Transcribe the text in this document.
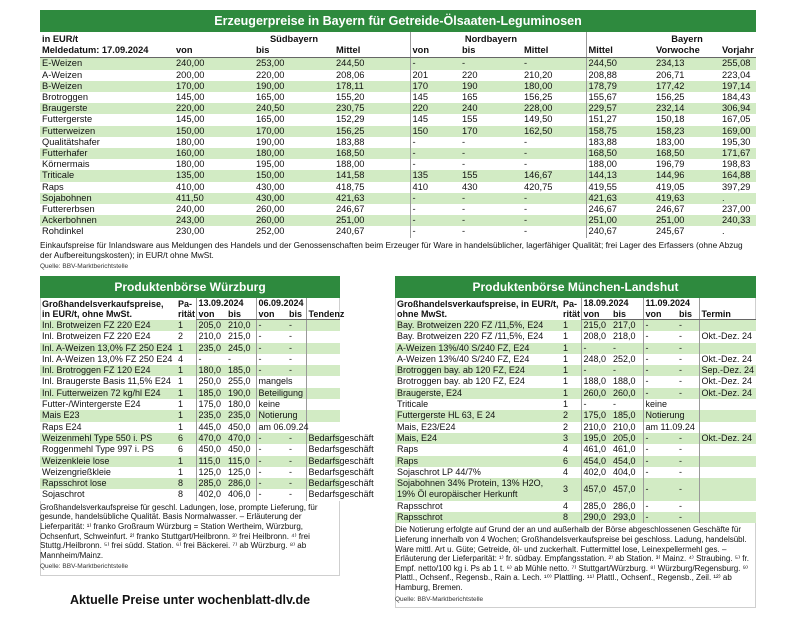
Erzeugerpreise in Bayern für Getreide-Ölsaaten-Leguminosen
in EUR/t		Südbayern			Nordbayern			Bayern	
Meldedatum: 17.09.2024	von	bis	Mittel	von	bis	Mittel	Mittel	Vorwoche	Vorjahr
E-Weizen	240,00	253,00	244,50	-	-	-	244,50	234,13	255,08
A-Weizen	200,00	220,00	208,06	201	220	210,20	208,88	206,71	223,04
B-Weizen	170,00	190,00	178,11	170	190	180,00	178,79	177,42	197,14
Brotroggen	145,00	165,00	155,20	145	165	156,25	155,67	156,25	184,43
Braugerste	220,00	240,50	230,75	220	240	228,00	229,57	232,14	306,94
Futtergerste	145,00	165,00	152,29	145	155	149,50	151,27	150,18	167,05
Futterweizen	150,00	170,00	156,25	150	170	162,50	158,75	158,23	169,00
Qualitätshafer	180,00	190,00	183,88	-	-	-	183,88	183,00	195,30
Futterhafer	160,00	180,00	168,50	-	-	-	168,50	168,50	171,67
Körnermais	180,00	195,00	188,00	-	-	-	188,00	196,79	198,83
Triticale	135,00	150,00	141,58	135	155	146,67	144,13	144,96	164,88
Raps	410,00	430,00	418,75	410	430	420,75	419,55	419,05	397,29
Sojabohnen	411,50	430,00	421,63	-	-	-	421,63	419,63	.
Futtererbsen	240,00	260,00	246,67	-	-	-	246,67	246,67	237,00
Ackerbohnen	243,00	260,00	251,00	-	-	-	251,00	251,00	240,33
Rohdinkel	230,00	252,00	240,67	-	-	-	240,67	245,67	.
Einkaufspreise für Inlandsware aus Meldungen des Handels und der Genossenschaften beim Erzeuger für Ware in handelsüblicher, lagerfähiger Qualität; frei Lager des Erfassers (ohne Abzug der Aufbereitungskosten); in EUR/t ohne MwSt.
Quelle: BBV-Marktberichtstelle
Produktenbörse Würzburg
Großhandelsverkaufspreise, in EUR/t, ohne MwSt.	Pa-rität	13.09.2024		06.09.2024		
		von	bis	von	bis	Tendenz
Inl. Brotweizen FZ 220 E24	1	205,0	210,0	-	-	
Inl. Brotweizen FZ 220 E24	2	210,0	215,0	-	-	
Inl. A-Weizen 13,0% FZ 250 E24	1	235,0	245,0	-	-	
Inl. A-Weizen 13,0% FZ 250 E24	4	-	-	-	-	
Inl. Brotroggen FZ 120 E24	1	180,0	185,0	-	-	
Inl. Braugerste Basis 11,5% E24	1	250,0	255,0	mangels		
Inl. Futterweizen 72 kg/hl E24	1	185,0	190,0	Beteiligung		
Futter-/Wintergerste E24	1	175,0	180,0	keine		
Mais E23	1	235,0	235,0	Notierung		
Raps E24	1	445,0	450,0	am 06.09.24		
Weizenmehl Type 550 i. PS	6	470,0	470,0	-	-	Bedarfsgeschäft
Roggenmehl Type 997 i. PS	6	450,0	450,0	-	-	Bedarfsgeschäft
Weizenkleie lose	1	115,0	115,0	-	-	Bedarfsgeschäft
Weizengrießkleie	1	125,0	125,0	-	-	Bedarfsgeschäft
Rapsschrot lose	8	285,0	286,0	-	-	Bedarfsgeschäft
Sojaschrot	8	402,0	406,0	-	-	Bedarfsgeschäft
Großhandelsverkaufspreise für geschl. Ladungen, lose, prompte Lieferung, für gesunde, handelsübliche Qualität. Basis Normalwasser. – Erläuterung der Lieferparität: ¹⁾ franko Großraum Würzburg = Station Wertheim, Würzburg, Ochsenfurt, Schweinfurt. ²⁾ franko Stuttgart/Heilbronn. ³⁾ frei Heilbronn. ⁴⁾ frei Stuttg./Heilbronn. ⁵⁾ frei südd. Station. ⁶⁾ frei Bäckerei. ⁷⁾ ab Würzburg. ⁸⁾ ab Mannheim/Mainz.
Quelle: BBV-Marktberichtstelle
Aktuelle Preise unter wochenblatt-dlv.de
Produktenbörse München-Landshut
Großhandelsverkaufspreise, in EUR/t, ohne MwSt.	Pa-rität	18.09.2024		11.09.2024		
		von	bis	von	bis	Termin
Bay. Brotweizen 220 FZ /11,5%, E24	1	215,0	217,0	-	-	
Bay. Brotweizen 220 FZ /11,5%, E24	1	208,0	218,0	-	-	Okt.-Dez. 24
A-Weizen 13%/40 S/240 FZ, E24	1	-	-	-	-	
A-Weizen 13%/40 S/240 FZ, E24	1	248,0	252,0	-	-	Okt.-Dez. 24
Brotroggen bay. ab 120 FZ, E24	1	-	-	-	-	Sep.-Dez. 24
Brotroggen bay. ab 120 FZ, E24	1	188,0	188,0	-	-	Okt.-Dez. 24
Braugerste, E24	1	260,0	260,0	-	-	Okt.-Dez. 24
Triticale	1	-	-	keine		
Futtergerste HL 63, E 24	2	175,0	185,0	Notierung		
Mais, E23/E24	2	210,0	210,0	am 11.09.24		
Mais, E24	3	195,0	205,0	-	-	Okt.-Dez. 24
Raps	4	461,0	461,0	-	-	
Raps	6	454,0	454,0	-	-	
Sojaschrot LP 44/7%	4	402,0	404,0	-	-	
Sojabohnen 34% Protein, 13% H2O, 19% Öl europäischer Herkunft	3	457,0	457,0	-	-	
Rapsschrot	4	285,0	286,0	-	-	
Rapsschrot	8	290,0	293,0	-	-	
Die Notierung erfolgte auf Grund der an und außerhalb der Börse abgeschlossenen Geschäfte für Lieferung innerhalb von 4 Wochen; Großhandelsverkaufspreise bei geschloss. Ladung, handelsübl. Ware mittl. Art u. Güte; Getreide, öl- und zuckerhalt. Futtermittel lose, Leinexpellermehl ges. – Erläuterung der Lieferparität: ¹⁾ fr. südbay. Empfangsstation. ²⁾ ab Station. ³⁾ Mainz. ⁴⁾ Straubing. ⁵⁾ fr. Empf. netto/100 kg i. Ps ab 1 t. ⁶⁾ ab Mühle netto. ⁷⁾ Stuttgart/Würzburg. ⁸⁾ Würzburg/Regensburg. ⁹⁾ Plattl., Ochsenf., Regensb., Rain a. Lech. ¹⁰⁾ Plattling. ¹¹⁾ Plattl., Ochsenf., Regensb., Zeil. ¹²⁾ ab Hamburg, Bremen.
Quelle: BBV-Marktberichtstelle
